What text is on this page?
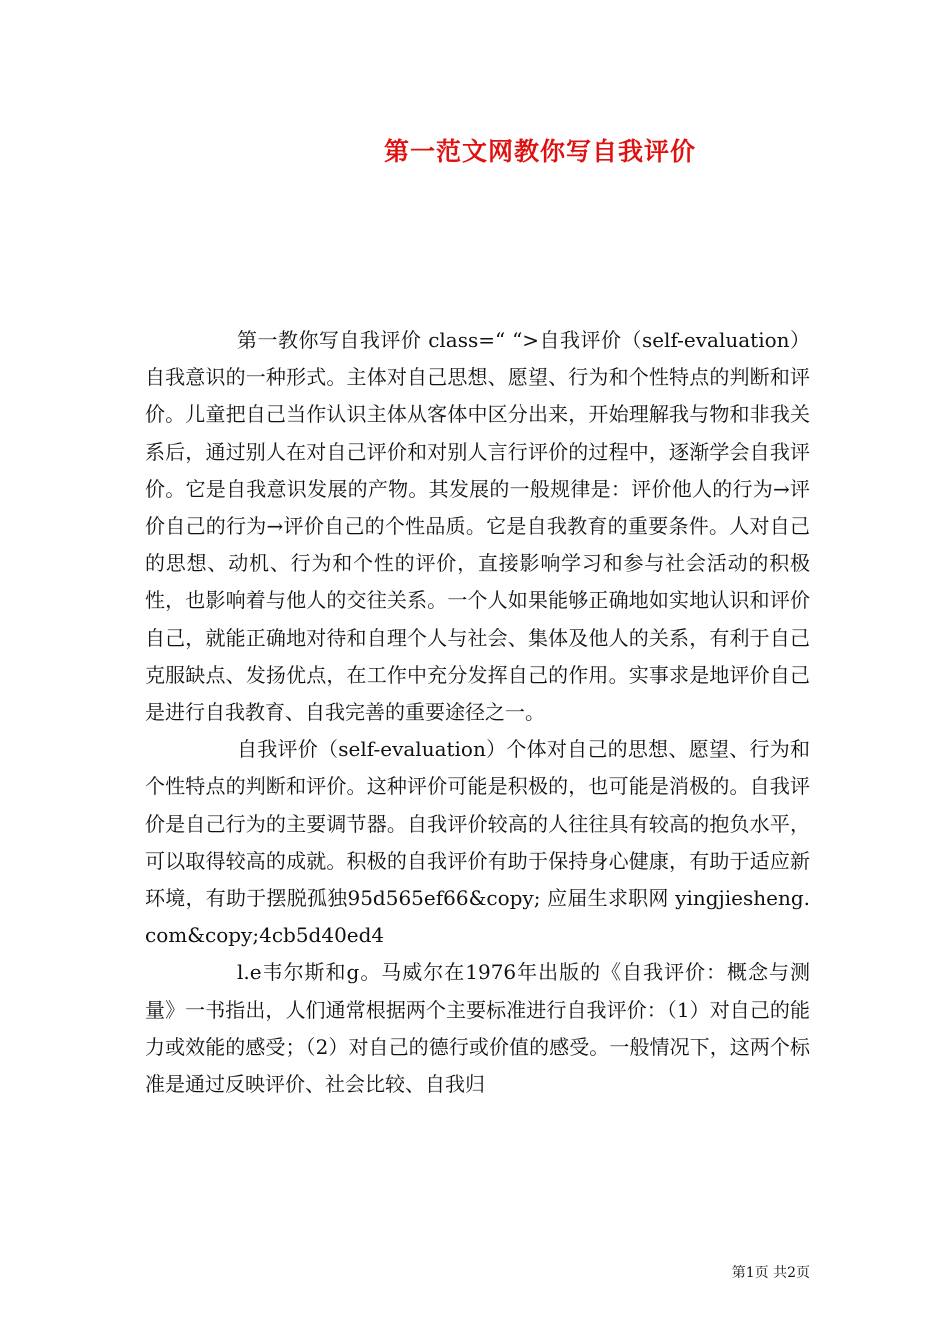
第一范文网教你写自我评价

第一教你写自我评价 class=“ “>自我评价（self-evaluation）自我意识的一种形式。主体对自己思想、愿望、行为和个性特点的判断和评价。儿童把自己当作认识主体从客体中区分出来，开始理解我与物和非我关系后，通过别人在对自己评价和对别人言行评价的过程中，逐渐学会自我评价。它是自我意识发展的产物。其发展的一般规律是：评价他人的行为→评价自己的行为→评价自己的个性品质。它是自我教育的重要条件。人对自己的思想、动机、行为和个性的评价，直接影响学习和参与社会活动的积极性，也影响着与他人的交往关系。一个人如果能够正确地如实地认识和评价自己，就能正确地对待和自理个人与社会、集体及他人的关系，有利于自己克服缺点、发扬优点，在工作中充分发挥自己的作用。实事求是地评价自己是进行自我教育、自我完善的重要途径之一。

自我评价（self-evaluation）个体对自己的思想、愿望、行为和个性特点的判断和评价。这种评价可能是积极的，也可能是消极的。自我评价是自己行为的主要调节器。自我评价较高的人往往具有较高的抱负水平，可以取得较高的成就。积极的自我评价有助于保持身心健康，有助于适应新环境，有助于摆脱孤独95d565ef66&copy; 应届生求职网 yingjiesheng.com&copy;4cb5d40ed4

l.e韦尔斯和g。马威尔在1976年出版的《自我评价：概念与测量》一书指出，人们通常根据两个主要标准进行自我评价：（1）对自己的能力或效能的感受；（2）对自己的德行或价值的感受。一般情况下，这两个标准是通过反映评价、社会比较、自我归

第1页 共2页
